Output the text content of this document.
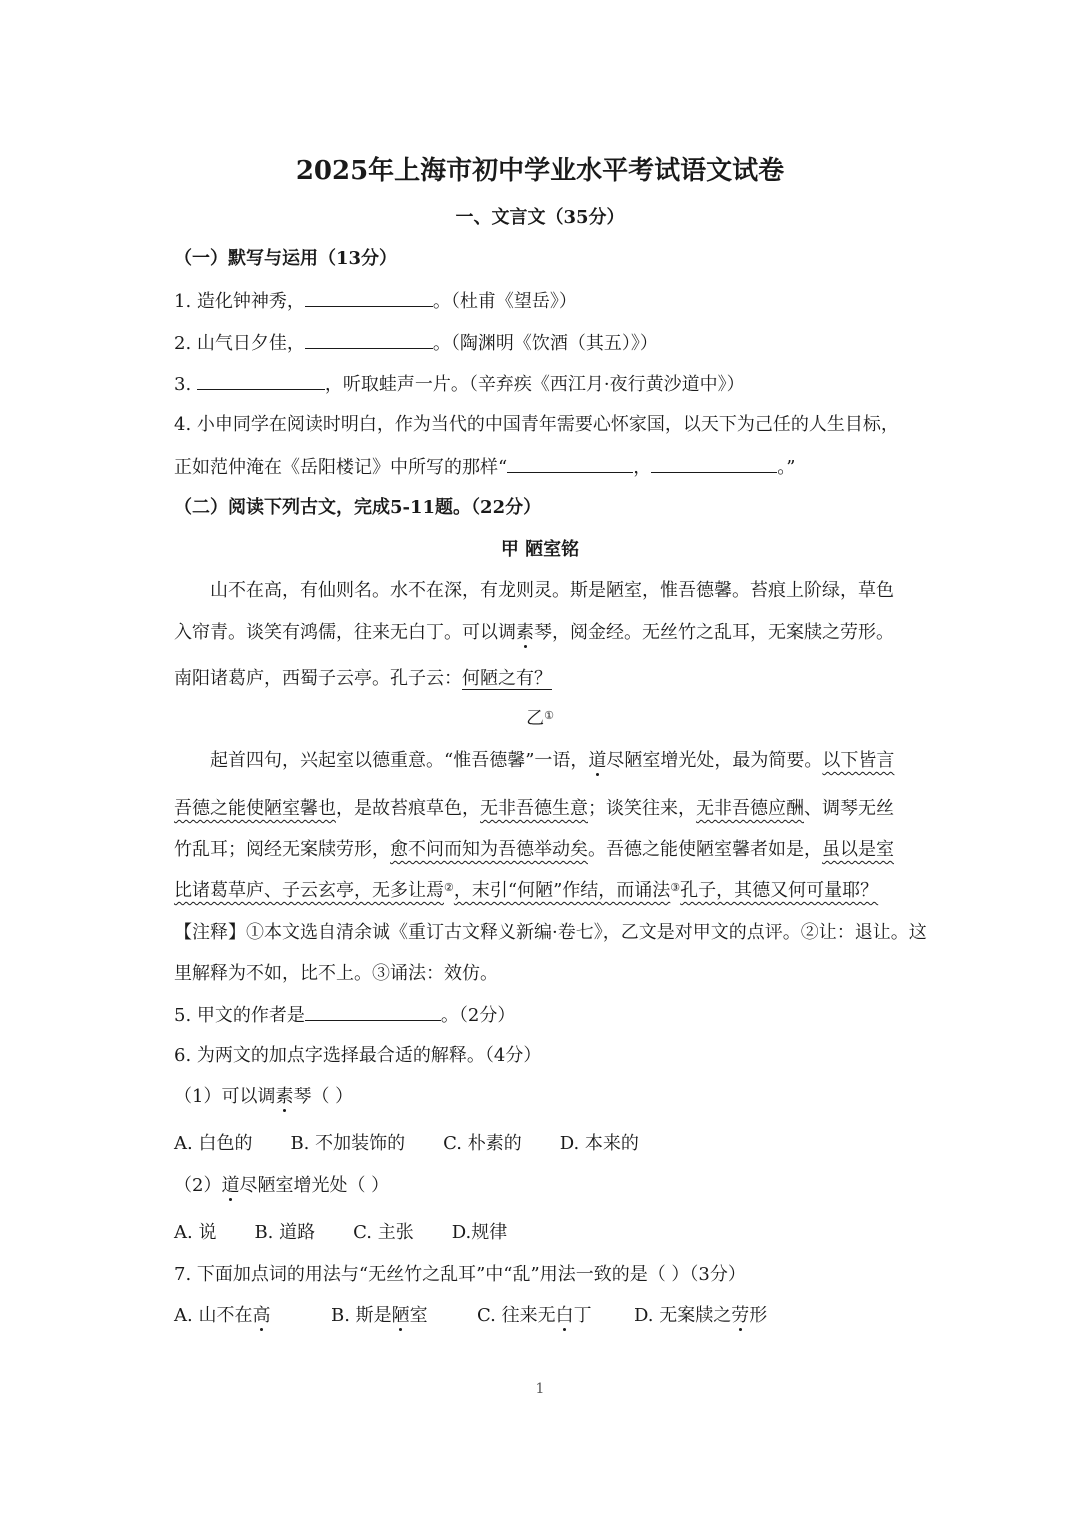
2025年上海市初中学业水平考试语文试卷
一、文言文（35分）
（一）默写与运用（13分）
1. 造化钟神秀，	。（杜甫《望岳》）
2. 山气日夕佳，	。（陶渊明《饮酒（其五）》）
3.	，听取蛙声一片。（辛弃疾《西江月·夜行黄沙道中》）
4. 小申同学在阅读时明白，作为当代的中国青年需要心怀家国，以天下为己任的人生目标，
正如范仲淹在《岳阳楼记》中所写的那样“	，	。”
（二）阅读下列古文，完成5-11题。（22分）
甲 陋室铭
山不在高，有仙则名。水不在深，有龙则灵。斯是陋室，惟吾德馨。苔痕上阶绿，草色
入帘青。谈笑有鸿儒，往来无白丁。可以调素琴，阅金经。无丝竹之乱耳，无案牍之劳形。
南阳诸葛庐，西蜀子云亭。孔子云：何陋之有？
乙①
起首四句，兴起室以德重意。“惟吾德馨”一语，道尽陋室增光处，最为简要。以下皆言
吾德之能使陋室馨也，是故苔痕草色，无非吾德生意；谈笑往来，无非吾德应酬、调琴无丝
竹乱耳；阅经无案牍劳形，愈不问而知为吾德举动矣。吾德之能使陋室馨者如是，虽以是室
比诸葛草庐、子云玄亭，无多让焉②，末引“何陋”作结，而诵法③孔子，其德又何可量耶？
【注释】①本文选自清余诚《重订古文释义新编·卷七》，乙文是对甲文的点评。②让：退让。这
里解释为不如，比不上。③诵法：效仿。
5. 甲文的作者是	。（2分）
6. 为两文的加点字选择最合适的解释。（4分）
（1）可以调素琴（ ）
A. 白色的 B. 不加装饰的 C. 朴素的 D. 本来的
（2）道尽陋室增光处（ ）
A. 说 B. 道路 C. 主张 D.规律
7. 下面加点词的用法与“无丝竹之乱耳”中“乱”用法一致的是（ ）（3分）
A. 山不在高	B. 斯是陋室	C. 往来无白丁 D. 无案牍之劳形
1
